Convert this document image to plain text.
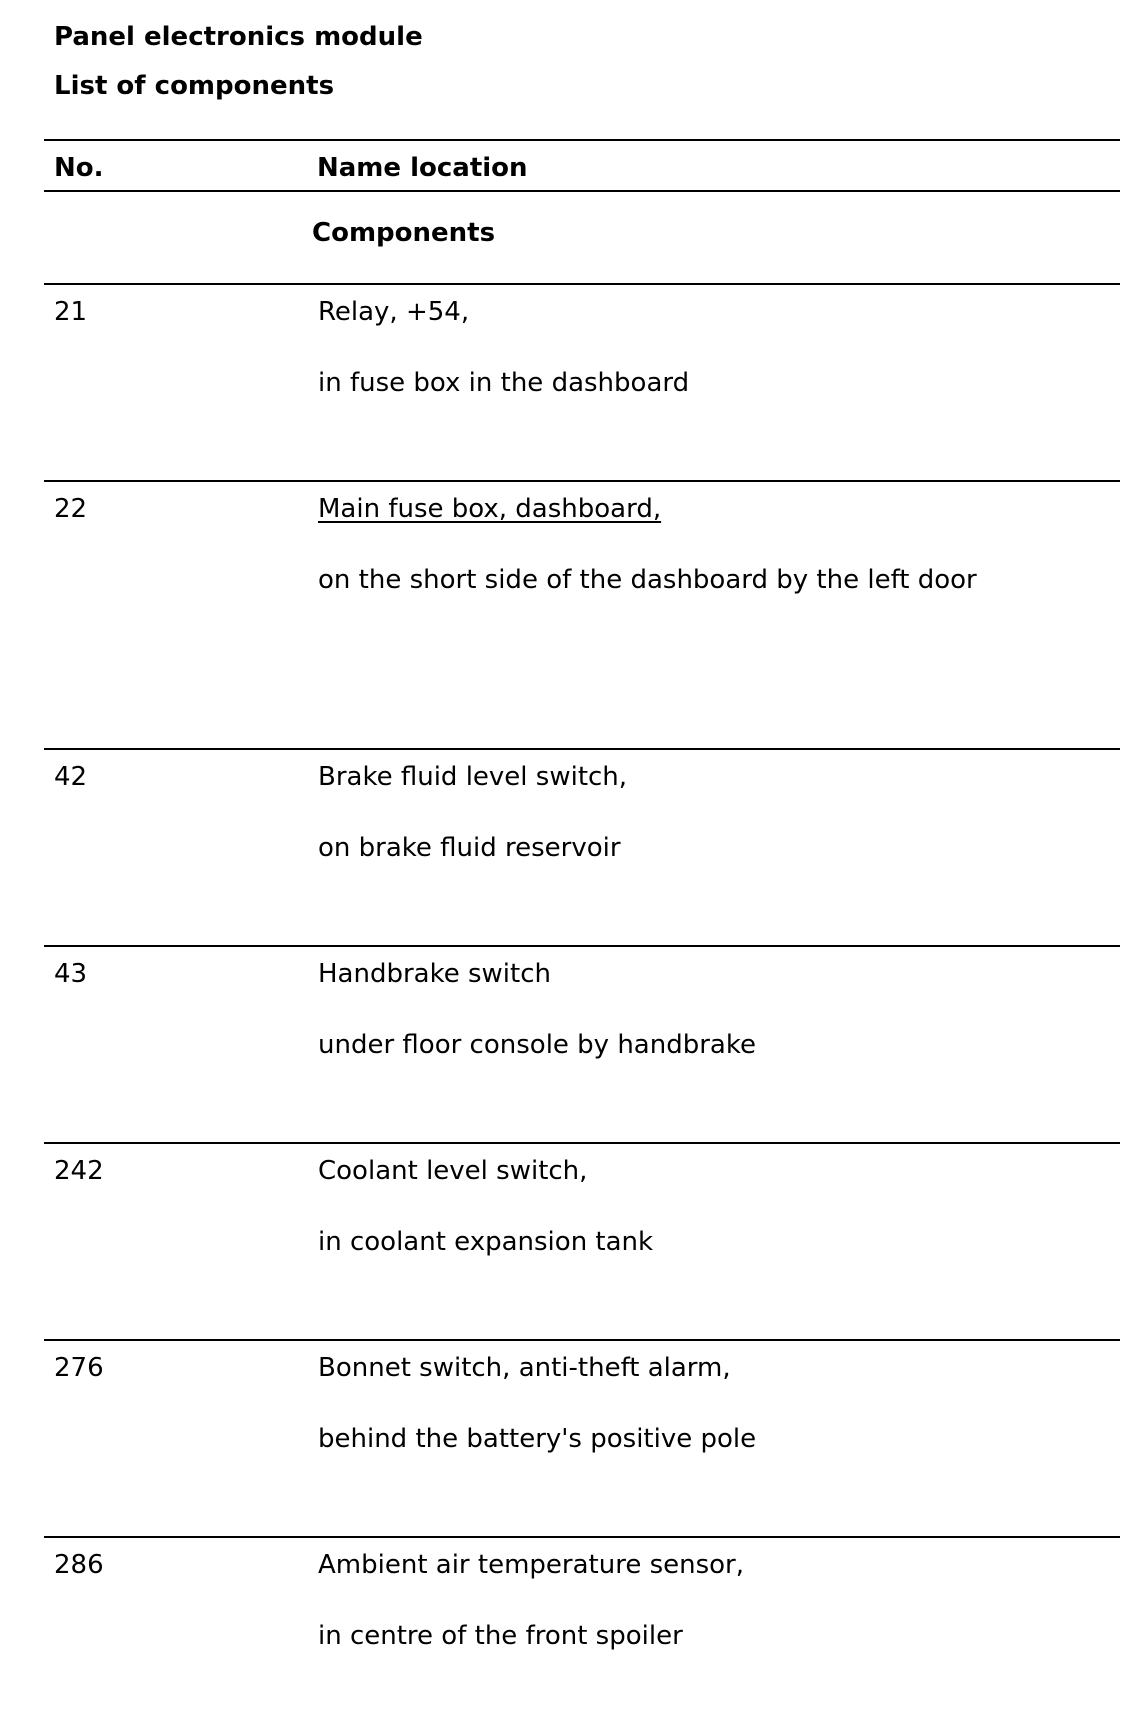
Panel electronics module
List of components
No.	Name location
Components
21	Relay, +54,
in fuse box in the dashboard
22	Main fuse box, dashboard,
on the short side of the dashboard by the left door
42	Brake fluid level switch,
on brake fluid reservoir
43	Handbrake switch
under floor console by handbrake
242	Coolant level switch,
in coolant expansion tank
276	Bonnet switch, anti-theft alarm,
behind the battery's positive pole
286	Ambient air temperature sensor,
in centre of the front spoiler
